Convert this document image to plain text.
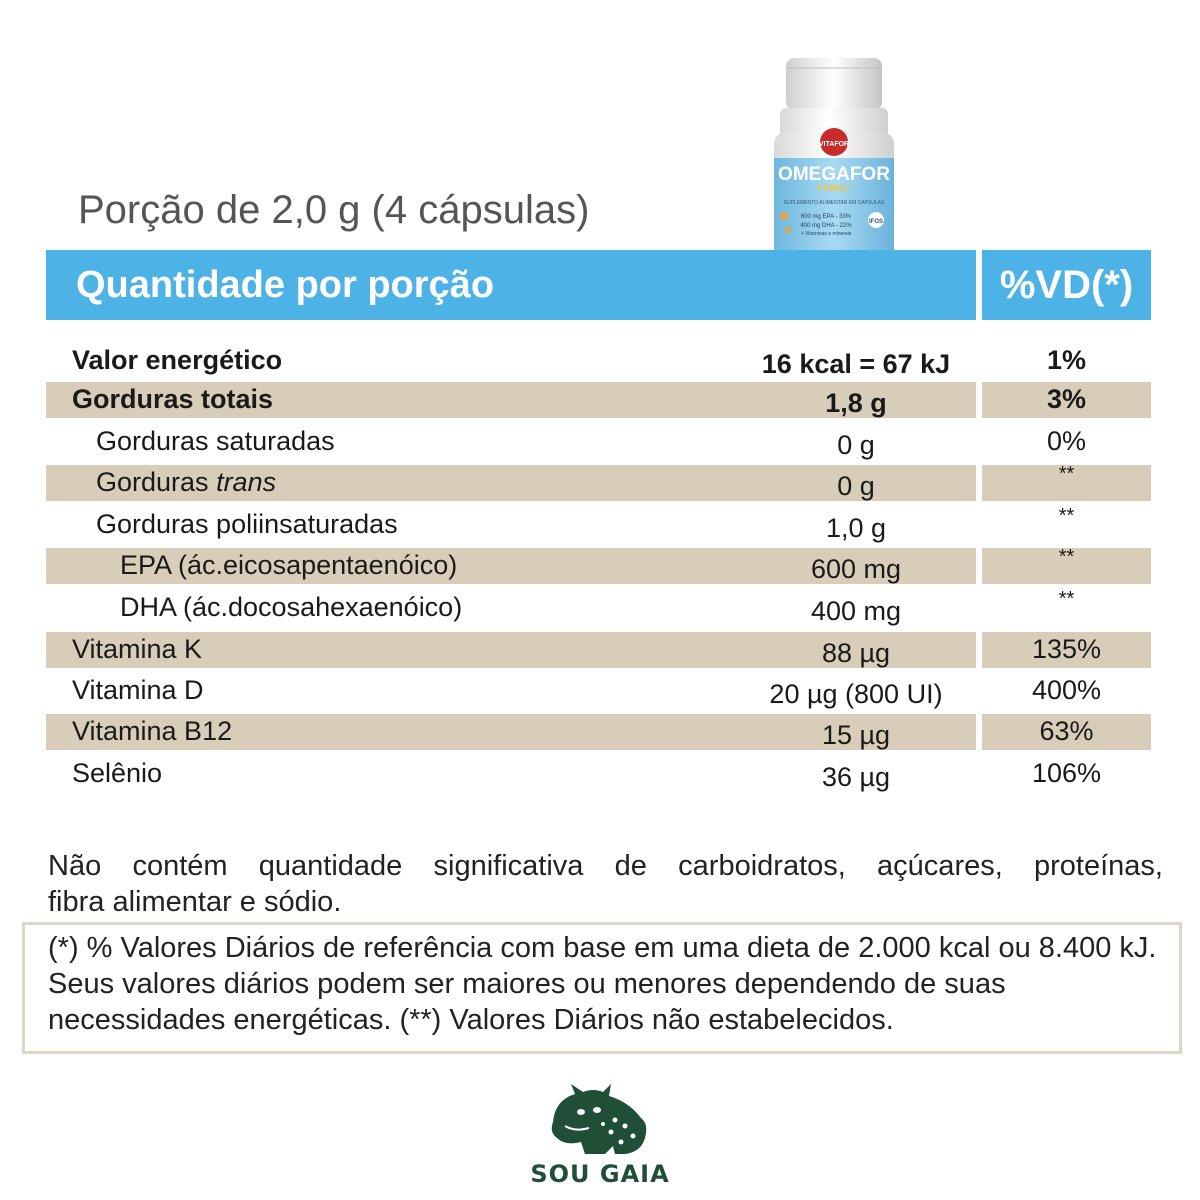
VITAFOR
OMEGAFOR
FAMILY
SUPLEMENTO ALIMENTAR EM CÁPSULAS
600 mg EPA - 33%
400 mg DHA - 22%
+ Vitaminas e minerais
IFOS
Porção de 2,0 g (4 cápsulas)
Quantidade por porção	%VD(*)
Valor energético	16 kcal = 67 kJ	1%
Gorduras totais	1,8 g	3%
Gorduras saturadas	0 g	0%
Gorduras trans	0 g	**
Gorduras poliinsaturadas	1,0 g	**
EPA (ác.eicosapentaenóico)	600 mg	**
DHA (ác.docosahexaenóico)	400 mg	**
Vitamina K	88 µg	135%
Vitamina D	20 µg (800 UI)	400%
Vitamina B12	15 µg	63%
Selênio	36 µg	106%
Não contém quantidade significativa de carboidratos, açúcares, proteínas,
fibra alimentar e sódio.
(*) % Valores Diários de referência com base em uma dieta de 2.000 kcal ou 8.400 kJ. Seus valores diários podem ser maiores ou menores dependendo de suas necessidades energéticas. (**) Valores Diários não estabelecidos.
SOU GAIA
